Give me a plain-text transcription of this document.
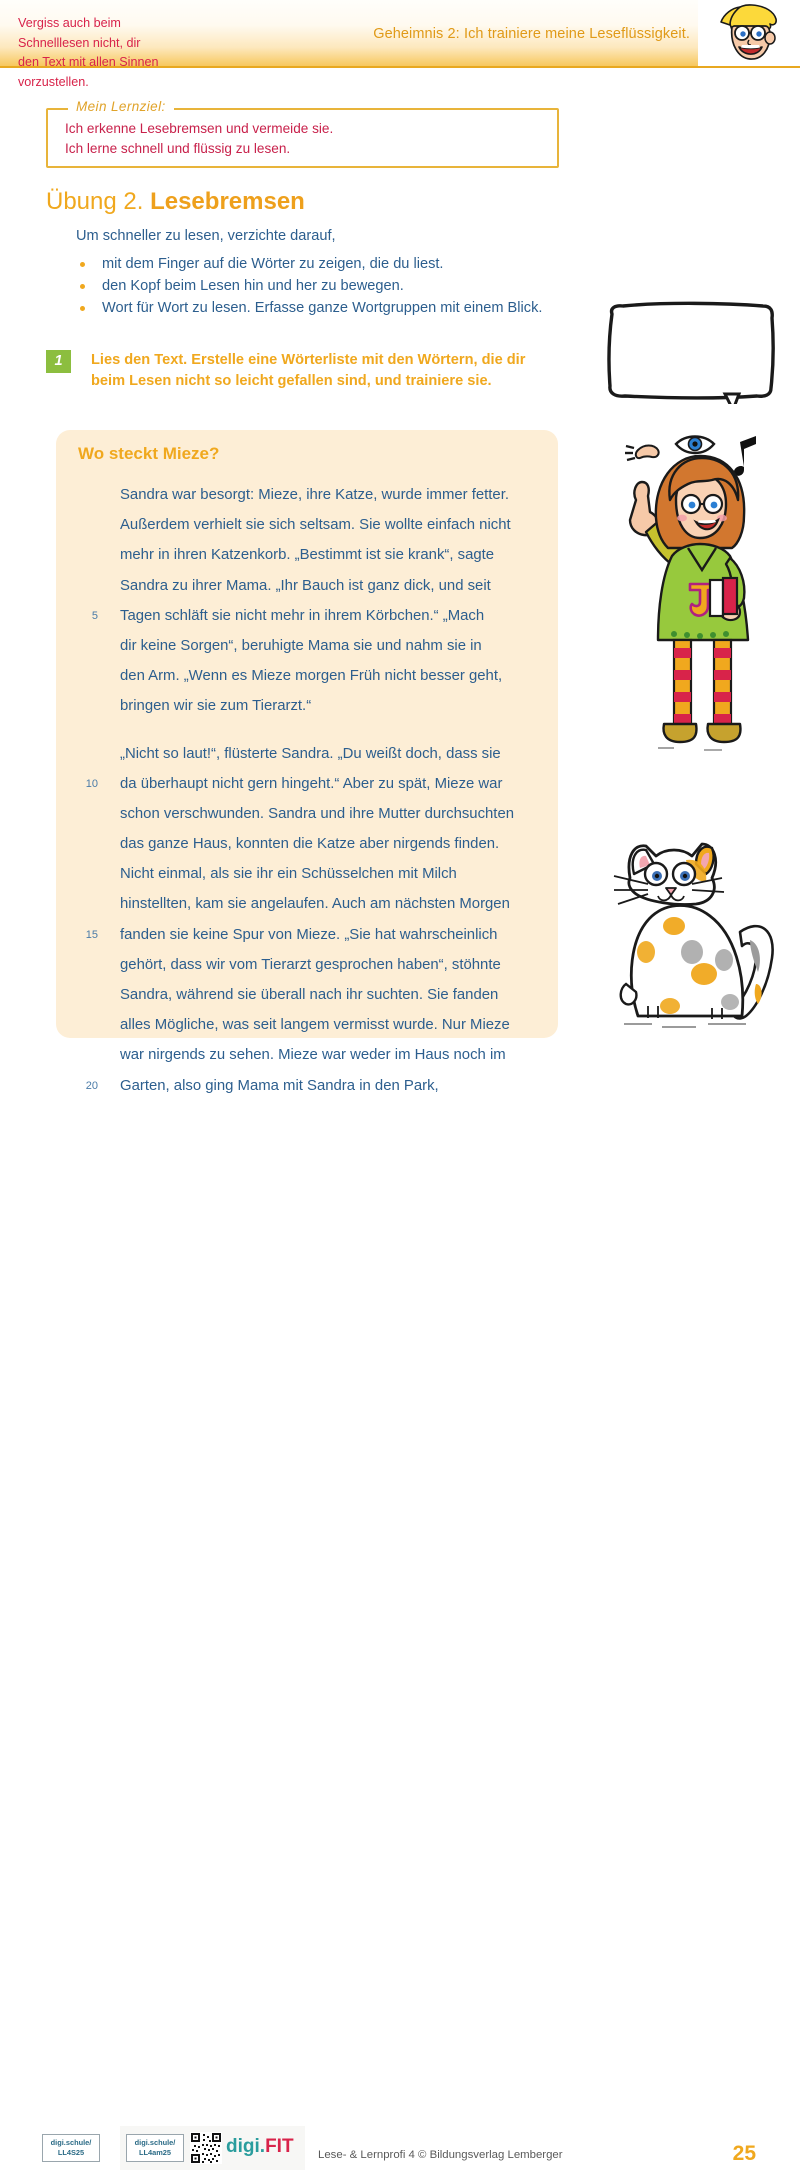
Geheimnis 2: Ich trainiere meine Leseflüssigkeit.
Mein Lernziel:
Ich erkenne Lesebremsen und vermeide sie.
Ich lerne schnell und flüssig zu lesen.
Übung 2. Lesebremsen
Um schneller zu lesen, verzichte darauf,
mit dem Finger auf die Wörter zu zeigen, die du liest.
den Kopf beim Lesen hin und her zu bewegen.
Wort für Wort zu lesen. Erfasse ganze Wortgruppen mit einem Blick.
1	Lies den Text. Erstelle eine Wörterliste mit den Wörtern, die dir beim Lesen nicht so leicht gefallen sind, und trainiere sie.
Wo steckt Mieze?
Sandra war besorgt: Mieze, ihre Katze, wurde immer fetter.
Außerdem verhielt sie sich seltsam. Sie wollte einfach nicht
mehr in ihren Katzenkorb. „Bestimmt ist sie krank“, sagte
Sandra zu ihrer Mama. „Ihr Bauch ist ganz dick, und seit
5 Tagen schläft sie nicht mehr in ihrem Körbchen.“ „Mach
dir keine Sorgen“, beruhigte Mama sie und nahm sie in
den Arm. „Wenn es Mieze morgen Früh nicht besser geht,
bringen wir sie zum Tierarzt.“
„Nicht so laut!“, flüsterte Sandra. „Du weißt doch, dass sie
10 da überhaupt nicht gern hingeht.“ Aber zu spät, Mieze war
schon verschwunden. Sandra und ihre Mutter durchsuchten
das ganze Haus, konnten die Katze aber nirgends finden.
Nicht einmal, als sie ihr ein Schüsselchen mit Milch
hinstellten, kam sie angelaufen. Auch am nächsten Morgen
15 fanden sie keine Spur von Mieze. „Sie hat wahrscheinlich
gehört, dass wir vom Tierarzt gesprochen haben“, stöhnte
Sandra, während sie überall nach ihr suchten. Sie fanden
alles Mögliche, was seit langem vermisst wurde. Nur Mieze
war nirgends zu sehen. Mieze war weder im Haus noch im
20 Garten, also ging Mama mit Sandra in den Park,
Vergiss auch beim Schnelllesen nicht, dir den Text mit allen Sinnen vorzustellen.
digi.schule/
LL4S25
digi.schule/
LL4am25	digi.FIT Lese- & Lernprofi 4 © Bildungsverlag Lemberger	25
